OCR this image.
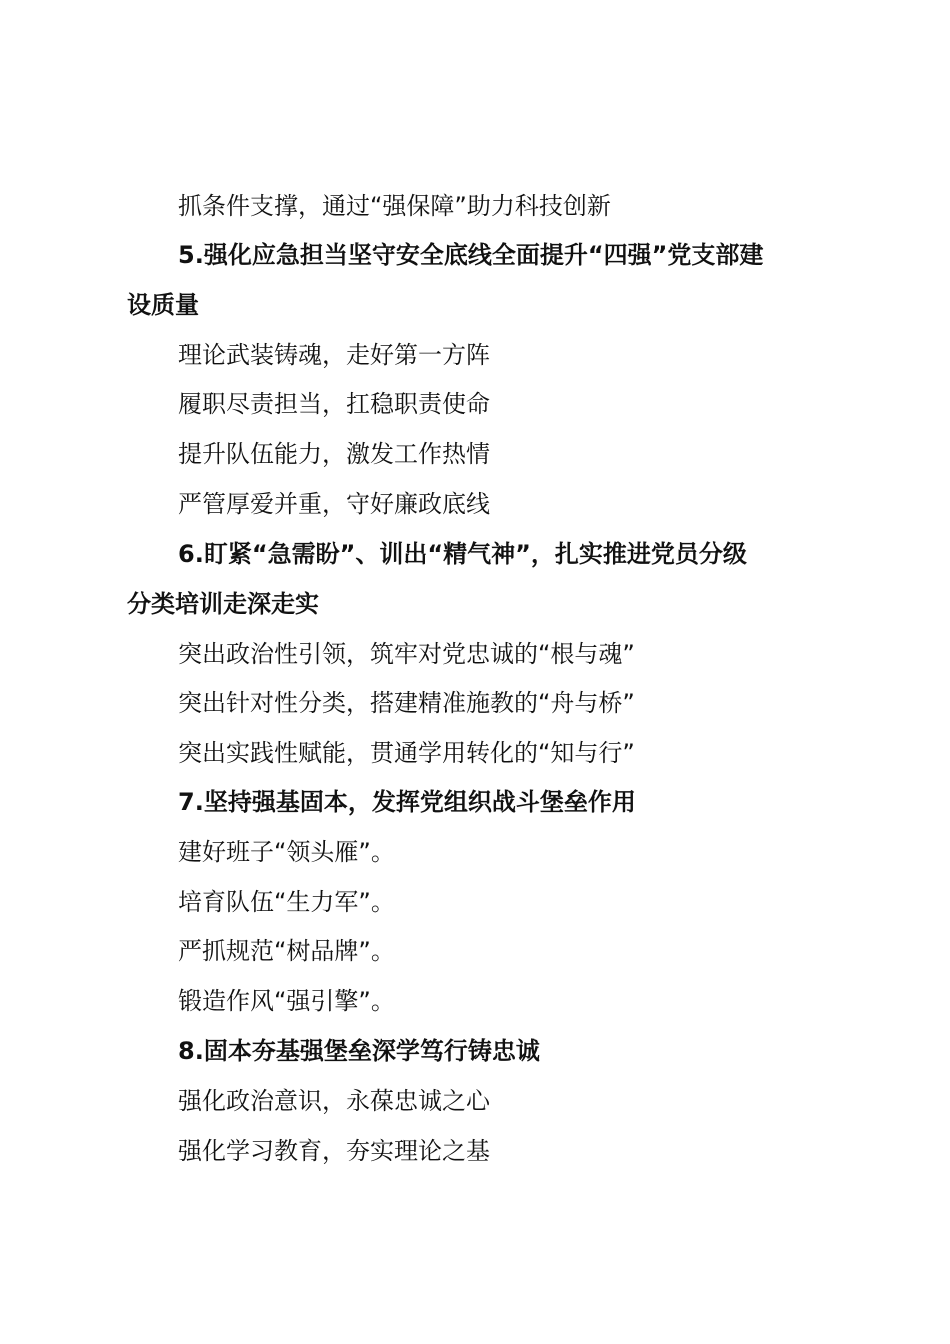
抓条件支撑，通过“强保障”助力科技创新
5.强化应急担当坚守安全底线全面提升“四强”党支部建
设质量
理论武装铸魂，走好第一方阵
履职尽责担当，扛稳职责使命
提升队伍能力，激发工作热情
严管厚爱并重，守好廉政底线
6.盯紧“急需盼”、训出“精气神”，扎实推进党员分级
分类培训走深走实
突出政治性引领，筑牢对党忠诚的“根与魂”
突出针对性分类，搭建精准施教的“舟与桥”
突出实践性赋能，贯通学用转化的“知与行”
7.坚持强基固本，发挥党组织战斗堡垒作用
建好班子“领头雁”。
培育队伍“生力军”。
严抓规范“树品牌”。
锻造作风“强引擎”。
8.固本夯基强堡垒深学笃行铸忠诚
强化政治意识，永葆忠诚之心
强化学习教育，夯实理论之基
